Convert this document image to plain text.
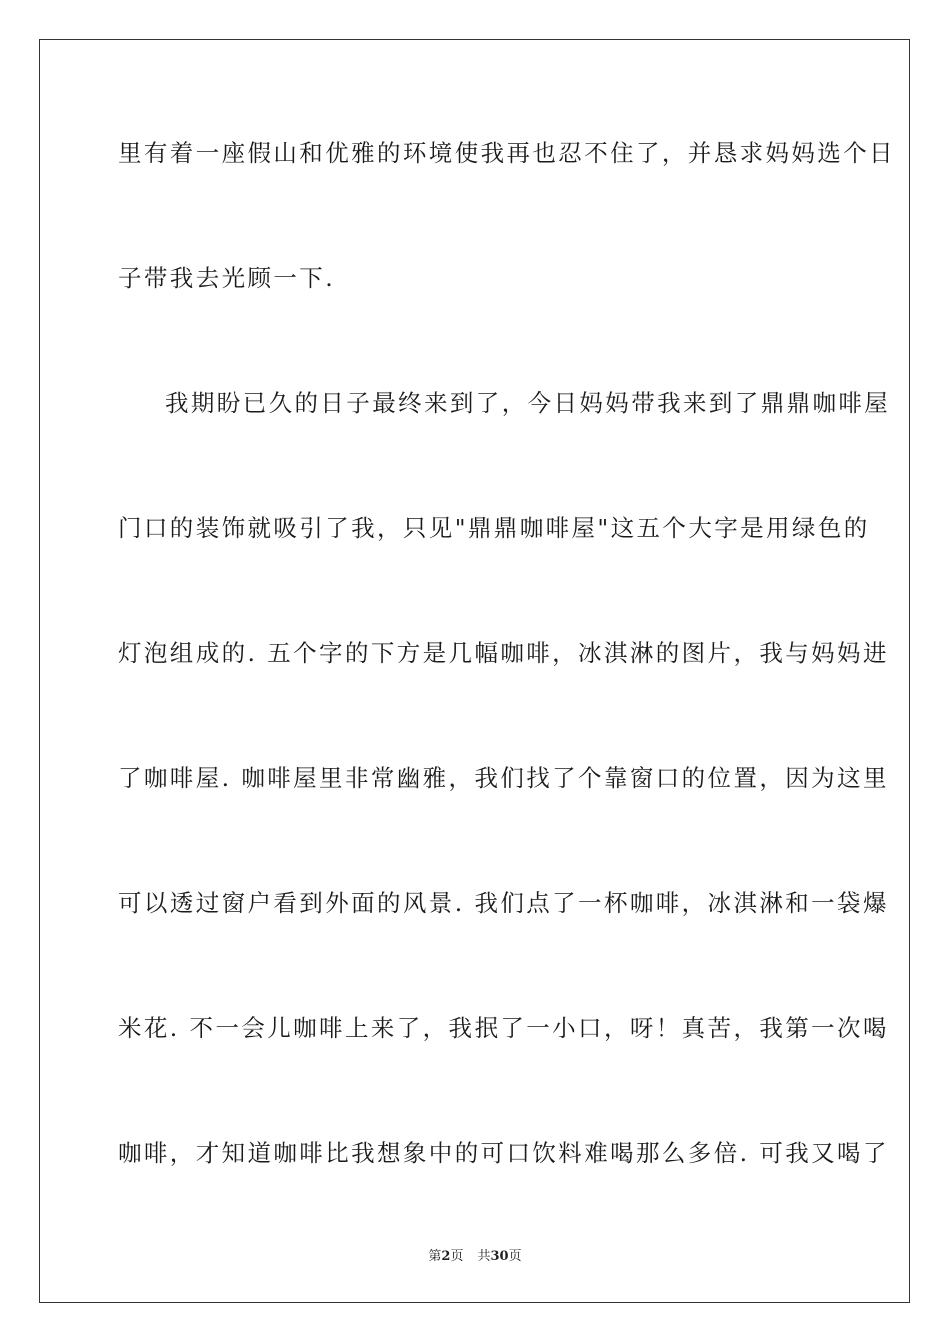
里有着一座假山和优雅的环境使我再也忍不住了，并恳求妈妈选个日
子带我去光顾一下.
我期盼已久的日子最终来到了，今日妈妈带我来到了鼎鼎咖啡屋
门口的装饰就吸引了我，只见"鼎鼎咖啡屋"这五个大字是用绿色的
灯泡组成的. 五个字的下方是几幅咖啡，冰淇淋的图片，我与妈妈进
了咖啡屋. 咖啡屋里非常幽雅，我们找了个靠窗口的位置，因为这里
可以透过窗户看到外面的风景. 我们点了一杯咖啡，冰淇淋和一袋爆
米花. 不一会儿咖啡上来了，我抿了一小口，呀！真苦，我第一次喝
咖啡，才知道咖啡比我想象中的可口饮料难喝那么多倍. 可我又喝了
第2页 共30页
